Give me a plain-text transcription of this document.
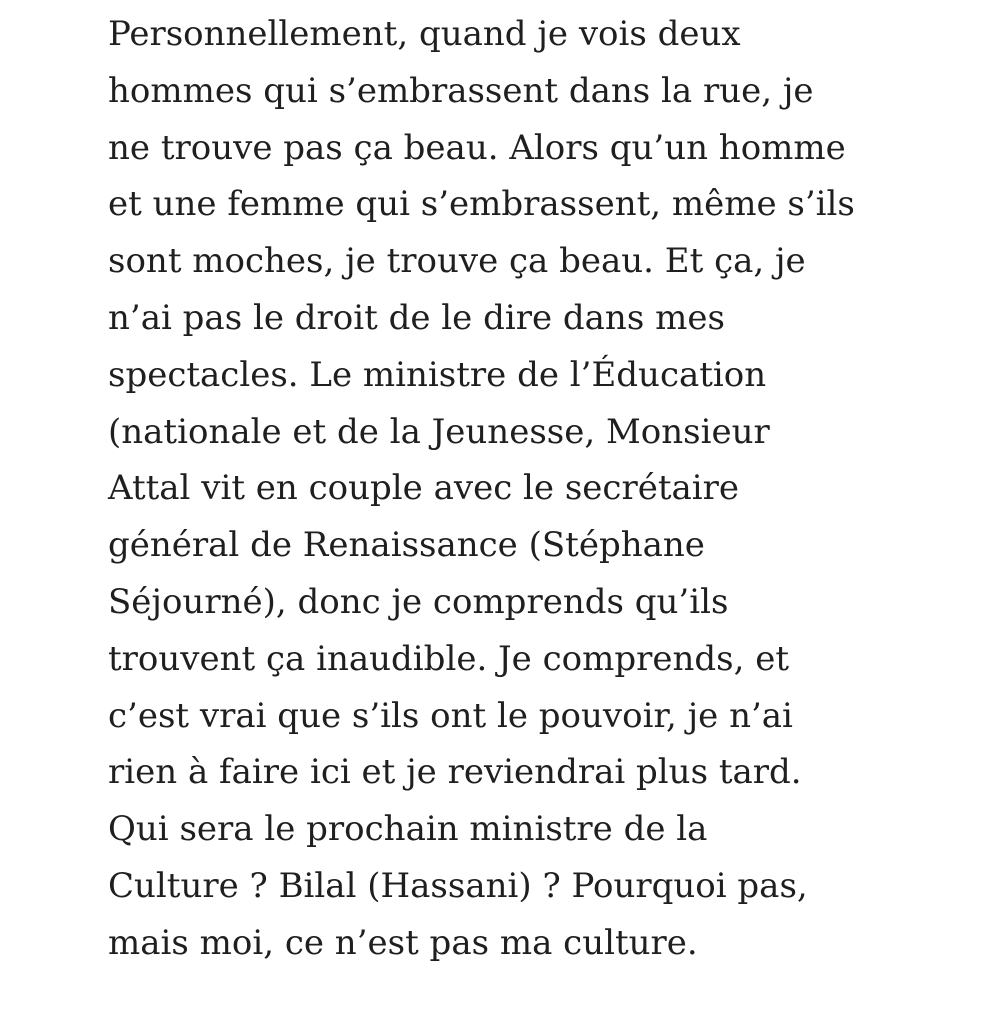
Personnellement, quand je vois deux
hommes qui s’embrassent dans la rue, je
ne trouve pas ça beau. Alors qu’un homme
et une femme qui s’embrassent, même s’ils
sont moches, je trouve ça beau. Et ça, je
n’ai pas le droit de le dire dans mes
spectacles. Le ministre de l’Éducation
(nationale et de la Jeunesse, Monsieur
Attal vit en couple avec le secrétaire
général de Renaissance (Stéphane
Séjourné), donc je comprends qu’ils
trouvent ça inaudible. Je comprends, et
c’est vrai que s’ils ont le pouvoir, je n’ai
rien à faire ici et je reviendrai plus tard.
Qui sera le prochain ministre de la
Culture ? Bilal (Hassani) ? Pourquoi pas,
mais moi, ce n’est pas ma culture.
